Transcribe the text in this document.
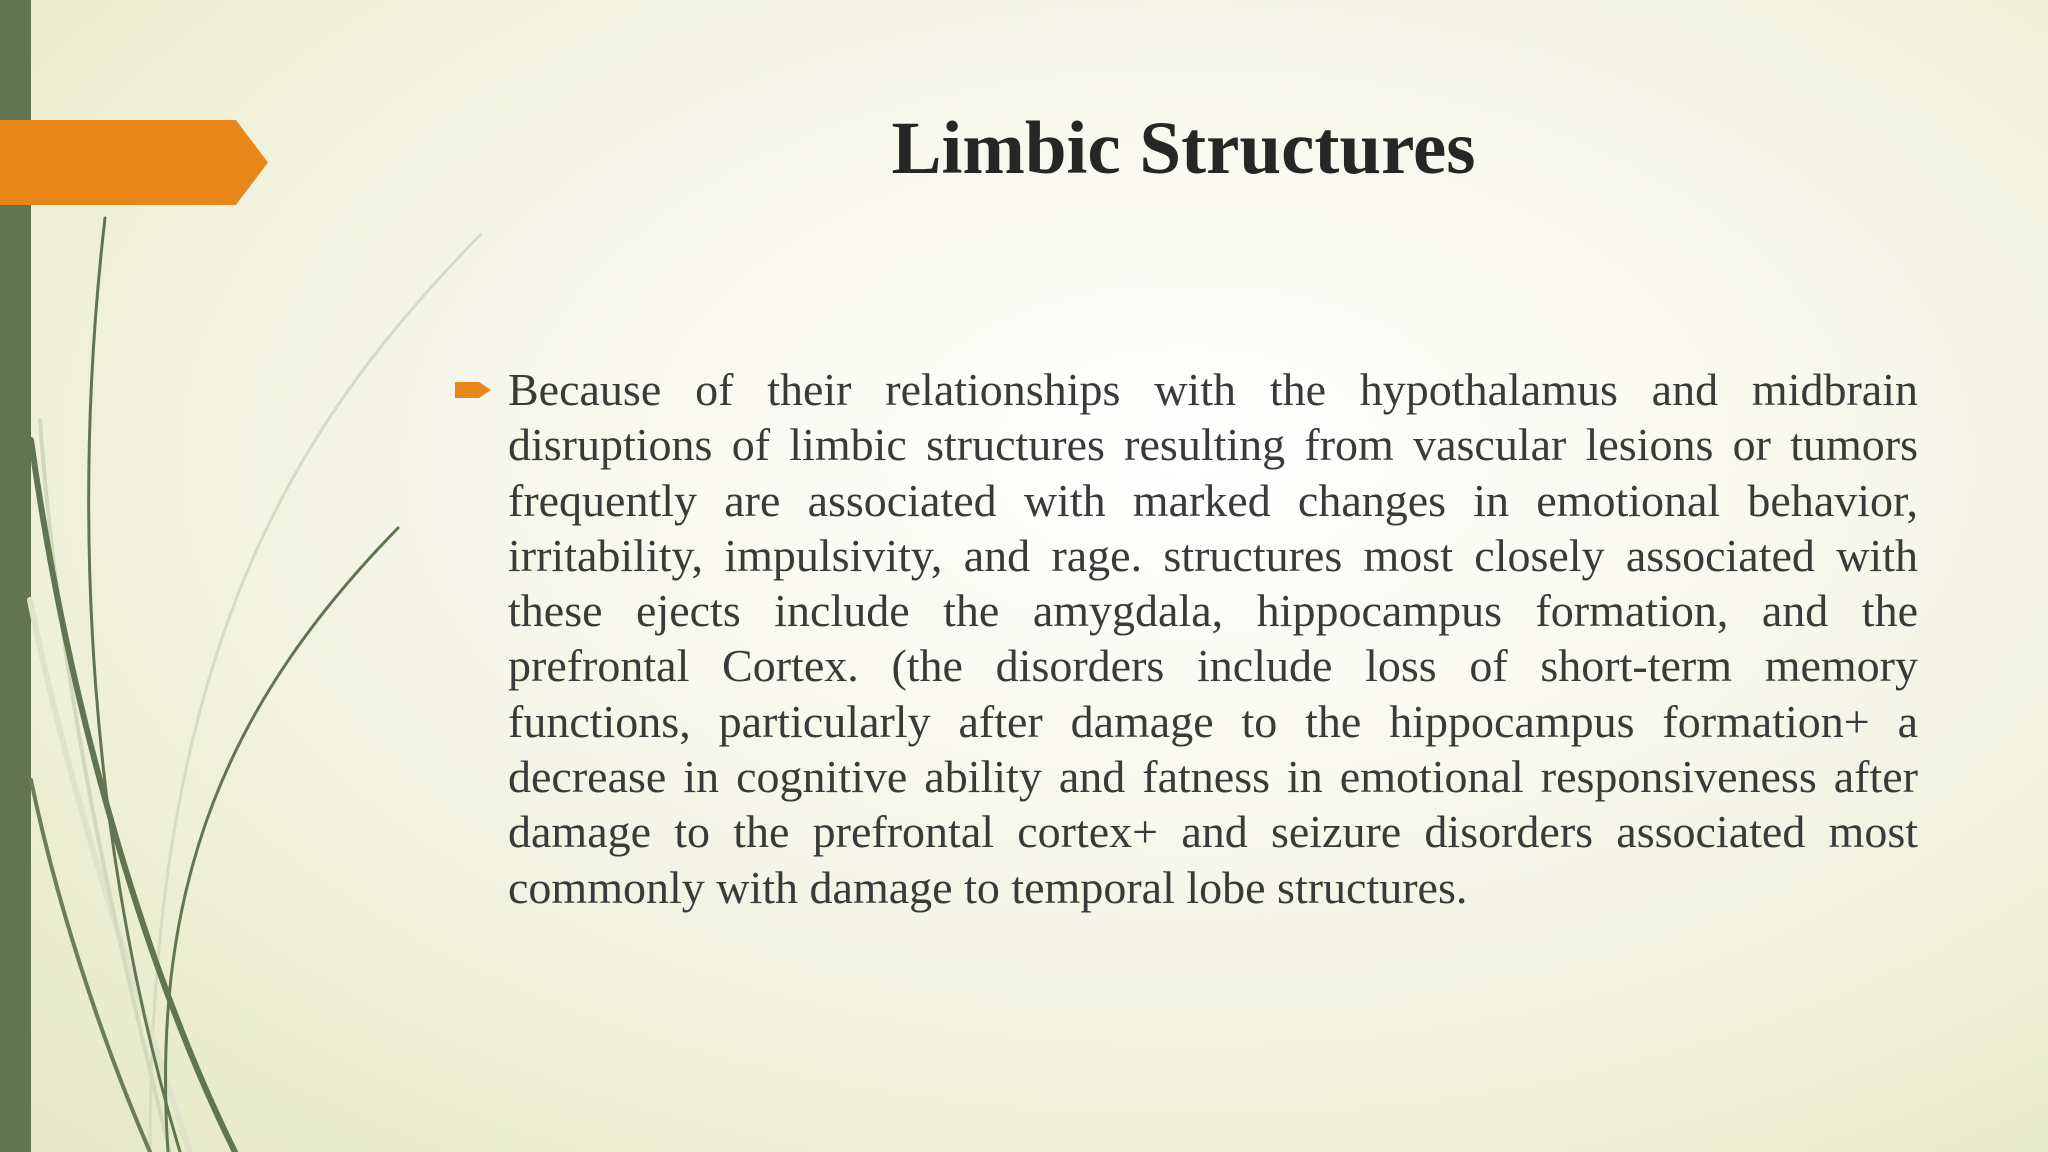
Limbic Structures

Because of their relationships with the hypothalamus and midbrain disruptions of limbic structures resulting from vascular lesions or tumors frequently are associated with marked changes in emotional behavior, irritability, impulsivity, and rage. structures most closely associated with these ejects include the amygdala, hippocampus formation, and the prefrontal Cortex. (the disorders include loss of short-term memory functions, particularly after damage to the hippocampus formation+ a decrease in cognitive ability and fatness in emotional responsiveness after damage to the prefrontal cortex+ and seizure disorders associated most commonly with damage to temporal lobe structures.
